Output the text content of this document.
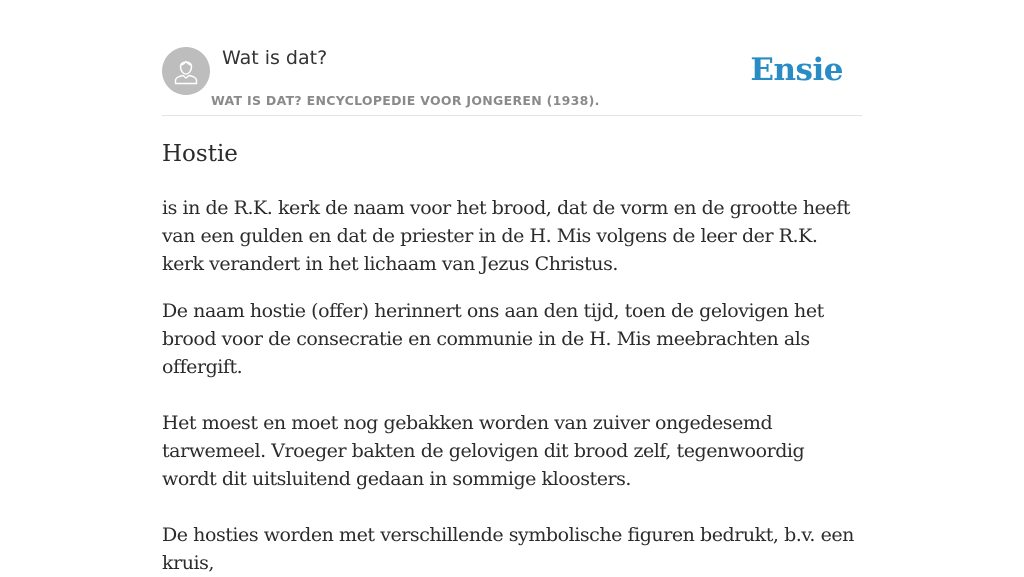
Wat is dat?
WAT IS DAT? ENCYCLOPEDIE VOOR JONGEREN (1938).
Ensie
Hostie

is in de R.K. kerk de naam voor het brood, dat de vorm en de grootte heeft van een gulden en dat de priester in de H. Mis volgens de leer der R.K. kerk verandert in het lichaam van Jezus Christus.

De naam hostie (offer) herinnert ons aan den tijd, toen de gelovigen het brood voor de consecratie en communie in de H. Mis meebrachten als offergift.

Het moest en moet nog gebakken worden van zuiver ongedesemd tarwemeel. Vroeger bakten de gelovigen dit brood zelf, tegenwoordig wordt dit uitsluitend gedaan in sommige kloosters.

De hosties worden met verschillende symbolische figuren bedrukt, b.v. een kruis,
